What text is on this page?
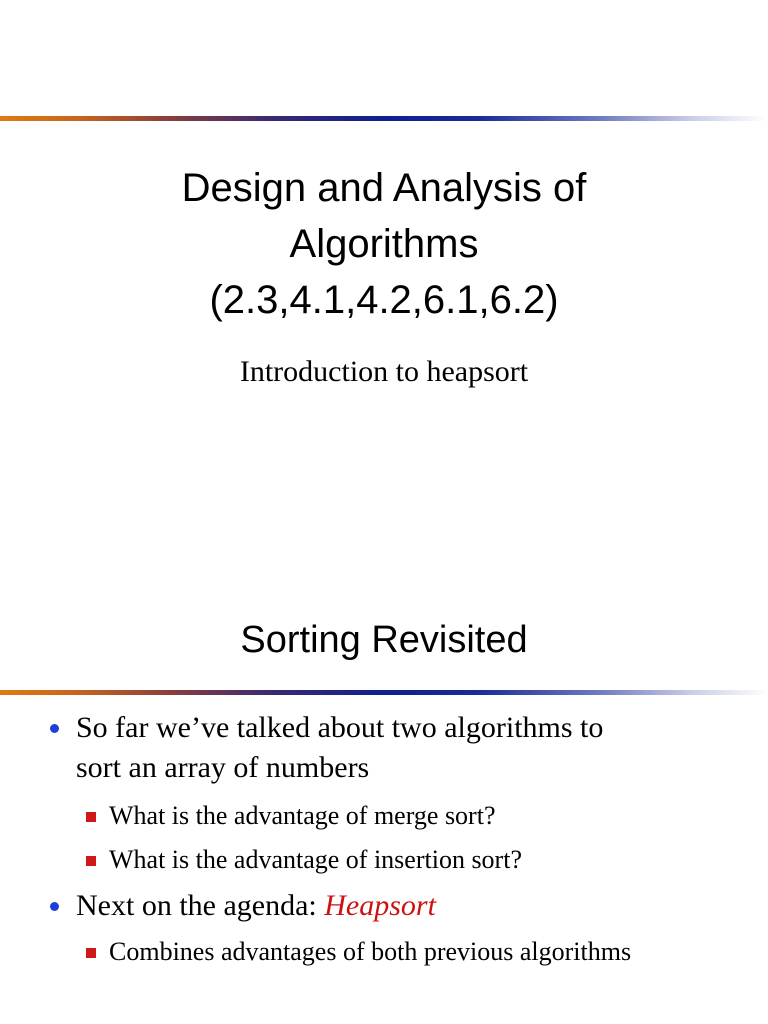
Design and Analysis of
Algorithms
(2.3,4.1,4.2,6.1,6.2)
Introduction to heapsort
Sorting Revisited
So far we’ve talked about two algorithms to
sort an array of numbers
What is the advantage of merge sort?
What is the advantage of insertion sort?
Next on the agenda: Heapsort
Combines advantages of both previous algorithms
